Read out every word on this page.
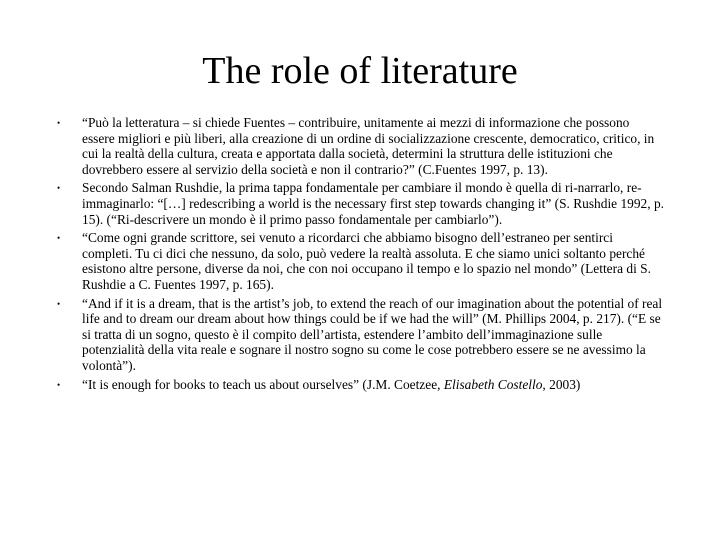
The role of literature
• “Può la letteratura – si chiede Fuentes – contribuire, unitamente ai mezzi di informazione che possono essere migliori e più liberi, alla creazione di un ordine di socializzazione crescente, democratico, critico, in cui la realtà della cultura, creata e apportata dalla società, determini la struttura delle istituzioni che dovrebbero essere al servizio della società e non il contrario?” (C.Fuentes 1997, p. 13).
• Secondo Salman Rushdie, la prima tappa fondamentale per cambiare il mondo è quella di ri-narrarlo, re-immaginarlo: “[…] redescribing a world is the necessary first step towards changing it” (S. Rushdie 1992, p. 15). (“Ri-descrivere un mondo è il primo passo fondamentale per cambiarlo”).
• “Come ogni grande scrittore, sei venuto a ricordarci che abbiamo bisogno dell’estraneo per sentirci completi. Tu ci dici che nessuno, da solo, può vedere la realtà assoluta. E che siamo unici soltanto perché esistono altre persone, diverse da noi, che con noi occupano il tempo e lo spazio nel mondo” (Lettera di S. Rushdie a C. Fuentes 1997, p. 165).
• “And if it is a dream, that is the artist’s job, to extend the reach of our imagination about the potential of real life and to dream our dream about how things could be if we had the will” (M. Phillips 2004, p. 217). (“E se si tratta di un sogno, questo è il compito dell’artista, estendere l’ambito dell’immaginazione sulle potenzialità della vita reale e sognare il nostro sogno su come le cose potrebbero essere se ne avessimo la volontà”).
• “It is enough for books to teach us about ourselves” (J.M. Coetzee, Elisabeth Costello, 2003)
